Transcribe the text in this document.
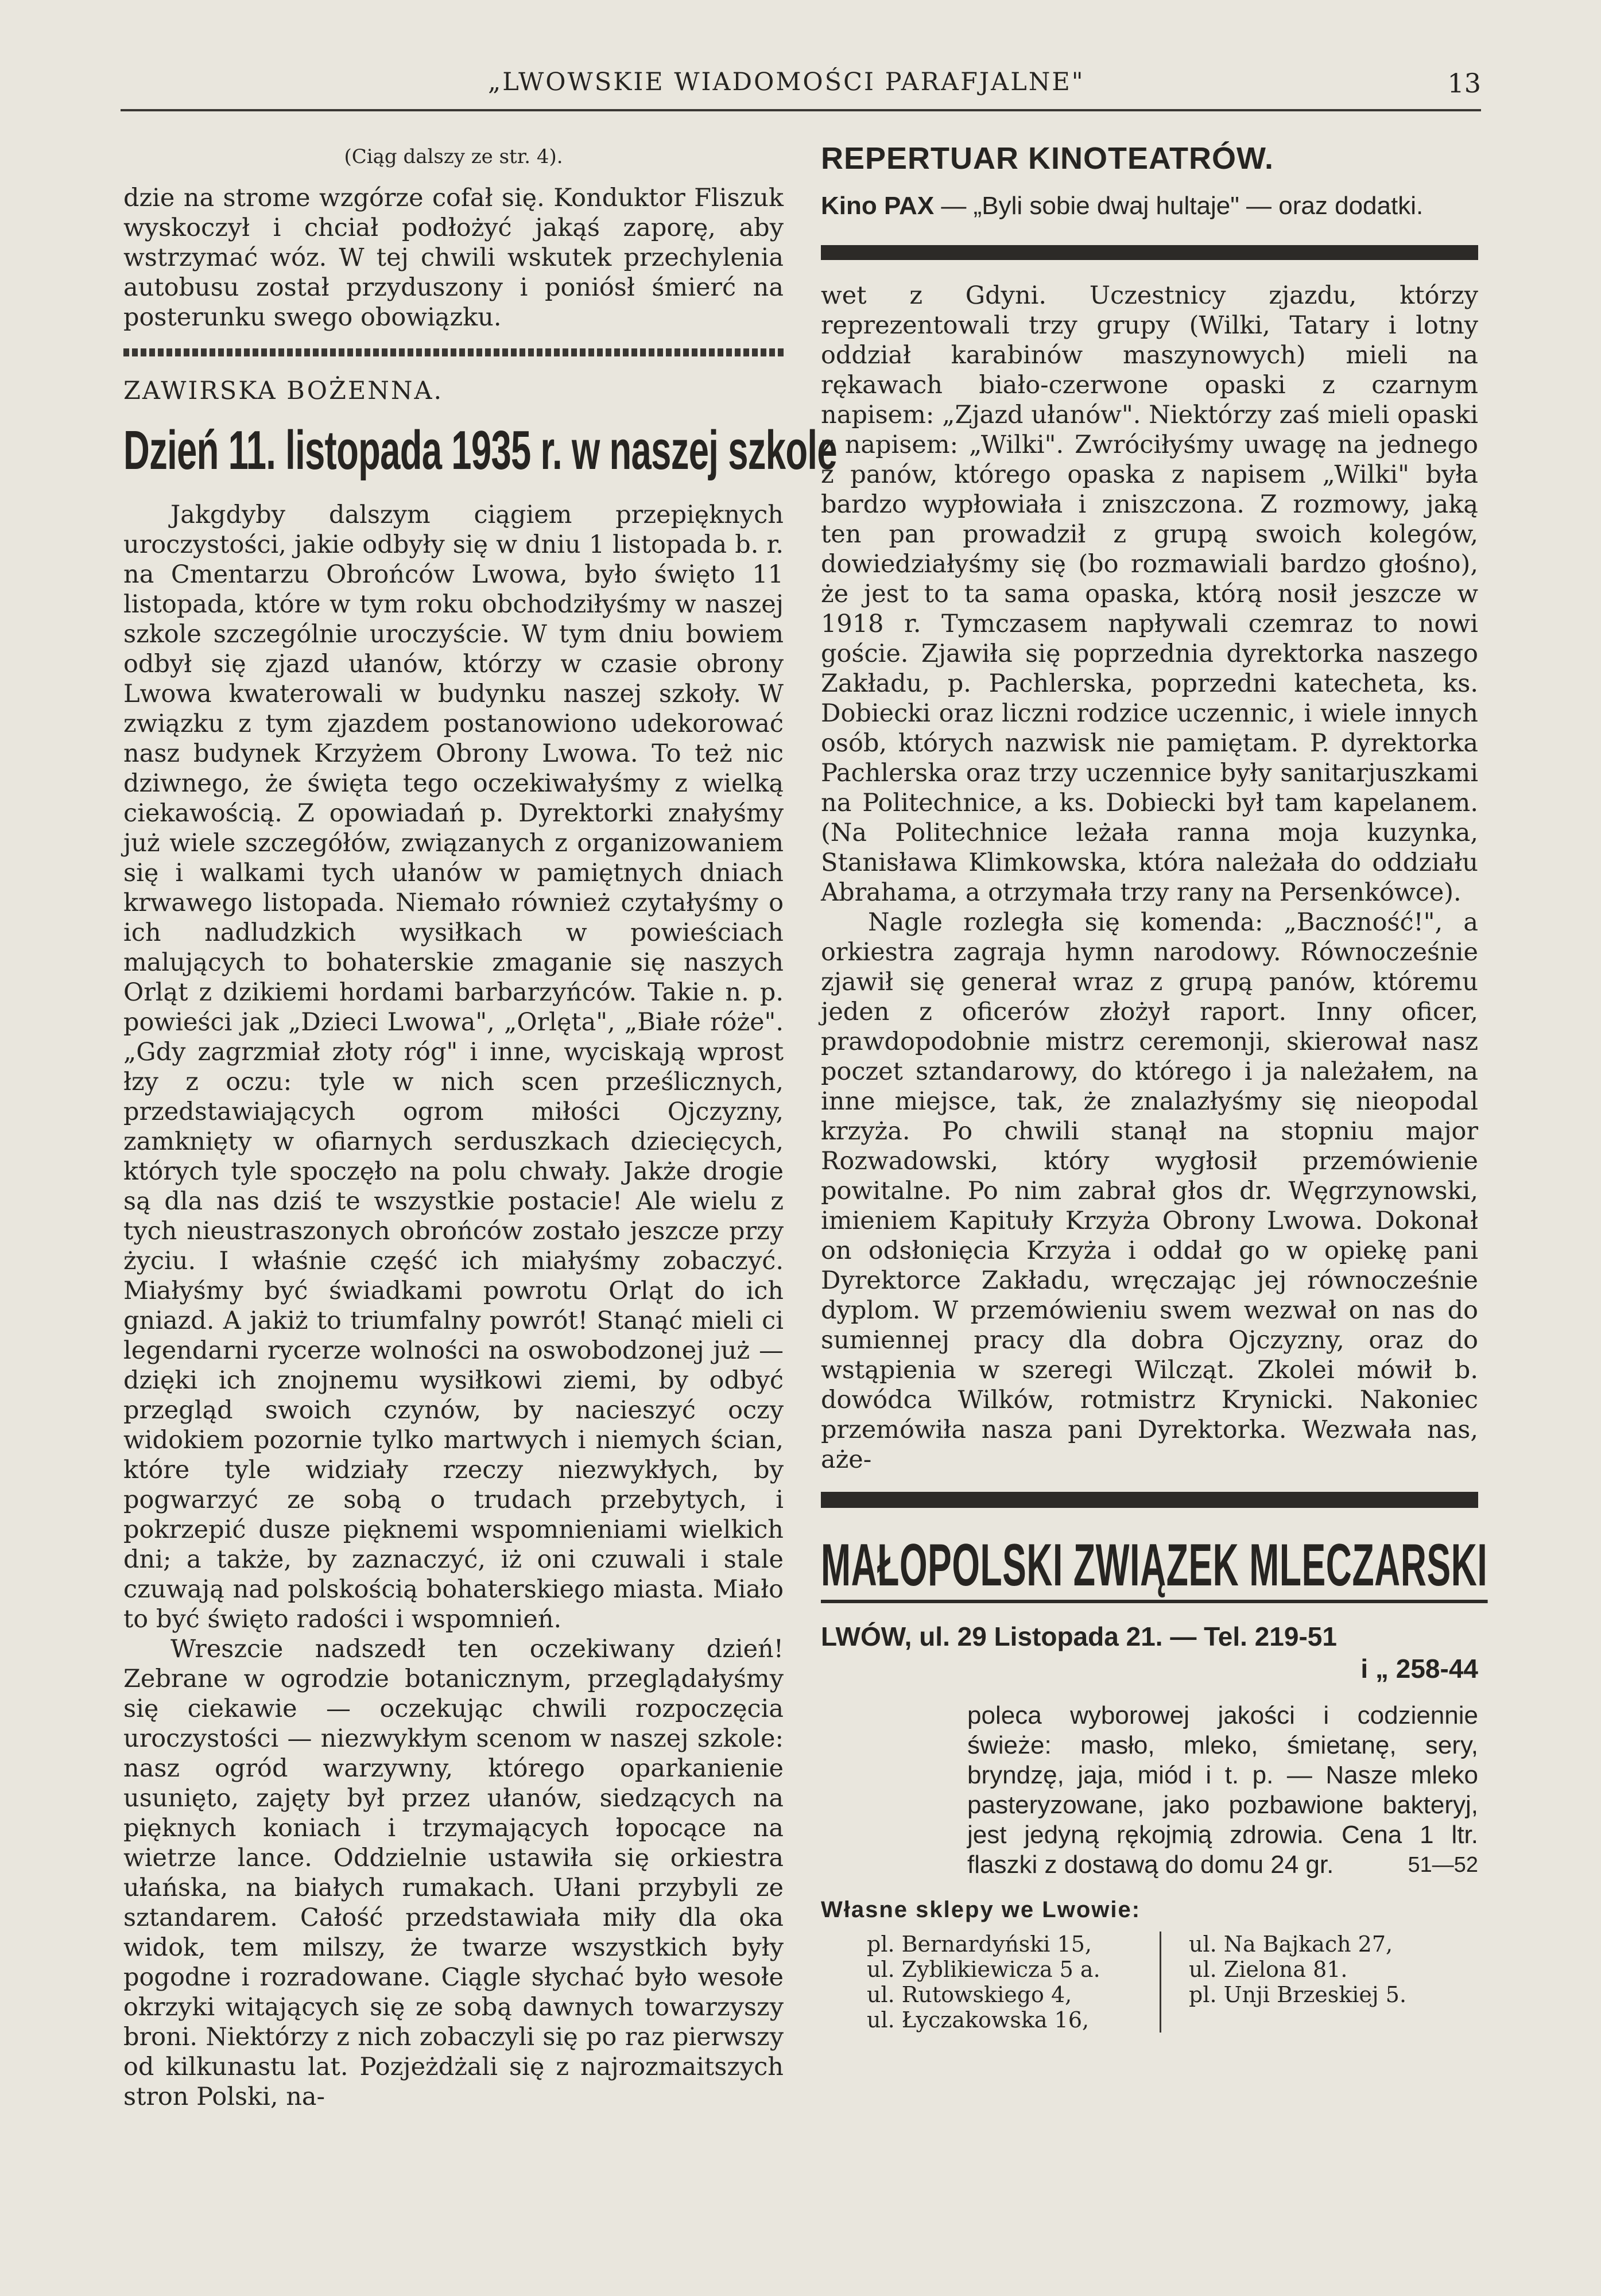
„LWOWSKIE WIADOMOŚCI PARAFJALNE"	13

(Ciąg dalszy ze str. 4).

dzie na strome wzgórze cofał się. Konduktor Fliszuk wyskoczył i chciał podłożyć jakąś zaporę, aby wstrzymać wóz. W tej chwili wskutek przechylenia autobusu został przyduszony i poniósł śmierć na posterunku swego obowiązku.

ZAWIRSKA BOŻENNA.

Dzień 11. listopada 1935 r. w naszej szkole

Jakgdyby dalszym ciągiem przepięknych uroczystości, jakie odbyły się w dniu 1 listopada b. r. na Cmentarzu Obrońców Lwowa, było święto 11 listopada, które w tym roku obchodziłyśmy w naszej szkole szczególnie uroczyście. W tym dniu bowiem odbył się zjazd ułanów, którzy w czasie obrony Lwowa kwaterowali w budynku naszej szkoły. W związku z tym zjazdem postanowiono udekorować nasz budynek Krzyżem Obrony Lwowa. To też nic dziwnego, że święta tego oczekiwałyśmy z wielką ciekawością. Z opowiadań p. Dyrektorki znałyśmy już wiele szczegółów, związanych z organizowaniem się i walkami tych ułanów w pamiętnych dniach krwawego listopada. Niemało również czytałyśmy o ich nadludzkich wysiłkach w powieściach malujących to bohaterskie zmaganie się naszych Orląt z dzikiemi hordami barbarzyńców. Takie n. p. powieści jak „Dzieci Lwowa", „Orlęta", „Białe róże". „Gdy zagrzmiał złoty róg" i inne, wyciskają wprost łzy z oczu: tyle w nich scen prześlicznych, przedstawiających ogrom miłości Ojczyzny, zamknięty w ofiarnych serduszkach dziecięcych, których tyle spoczęło na polu chwały. Jakże drogie są dla nas dziś te wszystkie postacie! Ale wielu z tych nieustraszonych obrońców zostało jeszcze przy życiu. I właśnie część ich miałyśmy zobaczyć. Miałyśmy być świadkami powrotu Orląt do ich gniazd. A jakiż to triumfalny powrót! Stanąć mieli ci legendarni rycerze wolności na oswobodzonej już — dzięki ich znojnemu wysiłkowi ziemi, by odbyć przegląd swoich czynów, by nacieszyć oczy widokiem pozornie tylko martwych i niemych ścian, które tyle widziały rzeczy niezwykłych, by pogwarzyć ze sobą o trudach przebytych, i pokrzepić dusze pięknemi wspomnieniami wielkich dni; a także, by zaznaczyć, iż oni czuwali i stale czuwają nad polskością bohaterskiego miasta. Miało to być święto radości i wspomnień.

Wreszcie nadszedł ten oczekiwany dzień! Zebrane w ogrodzie botanicznym, przeglądałyśmy się ciekawie — oczekując chwili rozpoczęcia uroczystości — niezwykłym scenom w naszej szkole: nasz ogród warzywny, którego oparkanienie usunięto, zajęty był przez ułanów, siedzących na pięknych koniach i trzymających łopocące na wietrze lance. Oddzielnie ustawiła się orkiestra ułańska, na białych rumakach. Ułani przybyli ze sztandarem. Całość przedstawiała miły dla oka widok, tem milszy, że twarze wszystkich były pogodne i rozradowane. Ciągle słychać było wesołe okrzyki witających się ze sobą dawnych towarzyszy broni. Niektórzy z nich zobaczyli się po raz pierwszy od kilkunastu lat. Pozjeżdżali się z najrozmaitszych stron Polski, na-

REPERTUAR KINOTEATRÓW.
Kino PAX — „Byli sobie dwaj hultaje" — oraz dodatki.

wet z Gdyni. Uczestnicy zjazdu, którzy reprezentowali trzy grupy (Wilki, Tatary i lotny oddział karabinów maszynowych) mieli na rękawach biało-czerwone opaski z czarnym napisem: „Zjazd ułanów". Niektórzy zaś mieli opaski z napisem: „Wilki". Zwróciłyśmy uwagę na jednego z panów, którego opaska z napisem „Wilki" była bardzo wypłowiała i zniszczona. Z rozmowy, jaką ten pan prowadził z grupą swoich kolegów, dowiedziałyśmy się (bo rozmawiali bardzo głośno), że jest to ta sama opaska, którą nosił jeszcze w 1918 r. Tymczasem napływali czemraz to nowi goście. Zjawiła się poprzednia dyrektorka naszego Zakładu, p. Pachlerska, poprzedni katecheta, ks. Dobiecki oraz liczni rodzice uczennic, i wiele innych osób, których nazwisk nie pamiętam. P. dyrektorka Pachlerska oraz trzy uczennice były sanitarjuszkami na Politechnice, a ks. Dobiecki był tam kapelanem. (Na Politechnice leżała ranna moja kuzynka, Stanisława Klimkowska, która należała do oddziału Abrahama, a otrzymała trzy rany na Persenkówce).

Nagle rozległa się komenda: „Baczność!", a orkiestra zagraja hymn narodowy. Równocześnie zjawił się generał wraz z grupą panów, któremu jeden z oficerów złożył raport. Inny oficer, prawdopodobnie mistrz ceremonji, skierował nasz poczet sztandarowy, do którego i ja należałem, na inne miejsce, tak, że znalazłyśmy się nieopodal krzyża. Po chwili stanął na stopniu major Rozwadowski, który wygłosił przemówienie powitalne. Po nim zabrał głos dr. Węgrzynowski, imieniem Kapituły Krzyża Obrony Lwowa. Dokonał on odsłonięcia Krzyża i oddał go w opiekę pani Dyrektorce Zakładu, wręczając jej równocześnie dyplom. W przemówieniu swem wezwał on nas do sumiennej pracy dla dobra Ojczyzny, oraz do wstąpienia w szeregi Wilcząt. Zkolei mówił b. dowódca Wilków, rotmistrz Krynicki. Nakoniec przemówiła nasza pani Dyrektorka. Wezwała nas, aże-

MAŁOPOLSKI ZWIĄZEK MLECZARSKI
LWÓW, ul. 29 Listopada 21. — Tel. 219-51
i „ 258-44

poleca wyborowej jakości i codziennie świeże: masło, mleko, śmietanę, sery, bryndzę, jaja, miód i t. p. — Nasze mleko pasteryzowane, jako pozbawione bakteryj, jest jedyną rękojmią zdrowia. Cena 1 ltr. flaszki z dostawą do domu 24 gr.	51—52
Własne sklepy we Lwowie:
pl. Bernardyński 15,
ul. Zyblikiewicza 5 a.
ul. Rutowskiego 4,
ul. Łyczakowska 16,
ul. Na Bajkach 27,
ul. Zielona 81.
pl. Unji Brzeskiej 5.
